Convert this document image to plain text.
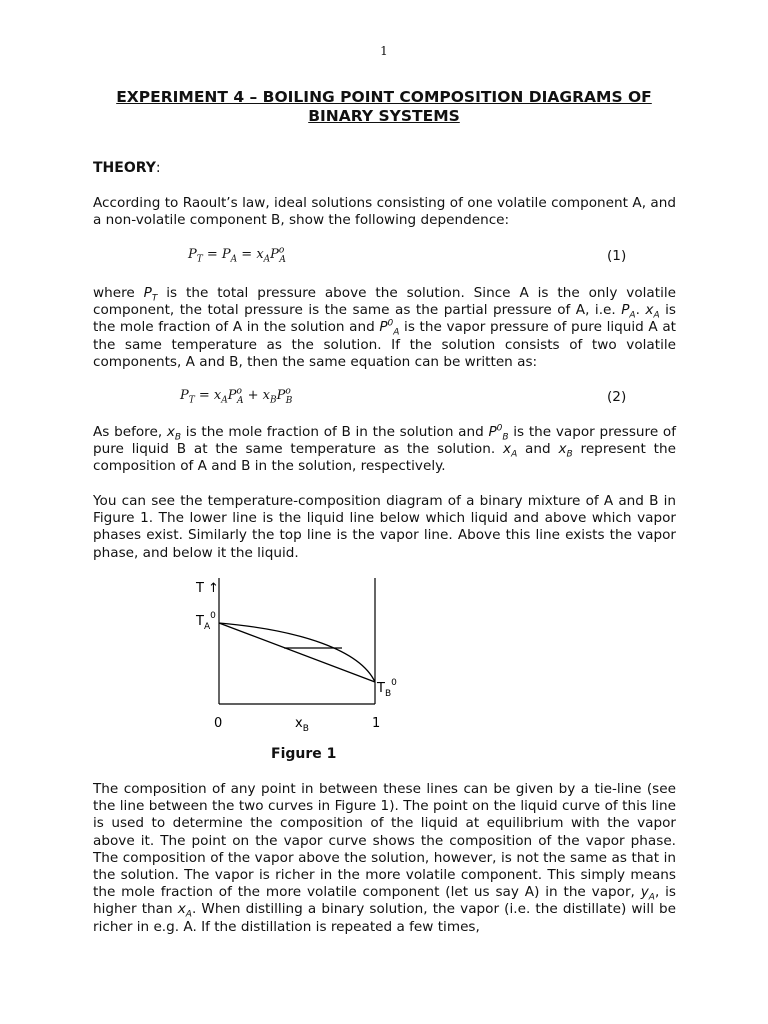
1
EXPERIMENT 4 – BOILING POINT COMPOSITION DIAGRAMS OF BINARY SYSTEMS
THEORY:
According to Raoult’s law, ideal solutions consisting of one volatile component A, and a non-volatile component B, show the following dependence:
$P_T = P_A = x_AP^o_A$	(1)
where $P_T$ is the total pressure above the solution. Since A is the only volatile component, the total pressure is the same as the partial pressure of A, i.e. $P_A$. $x_A$ is the mole fraction of A in the solution and $P^0_A$ is the vapor pressure of pure liquid A at the same temperature as the solution. If the solution consists of two volatile components, A and B, then the same equation can be written as:
$P_T = x_AP^o_A + x_BP^o_B$	(2)
As before, $x_B$ is the mole fraction of B in the solution and $P^0_B$ is the vapor pressure of pure liquid B at the same temperature as the solution. $x_A$ and $x_B$ represent the composition of A and B in the solution, respectively.
You can see the temperature-composition diagram of a binary mixture of A and B in Figure 1. The lower line is the liquid line below which liquid and above which vapor phases exist. Similarly the top line is the vapor line. Above this line exists the vapor phase, and below it the liquid.
T ↑
$T_A^0$
$T_B^0$
0	1
$x_B$
Figure 1
The composition of any point in between these lines can be given by a tie-line (see the line between the two curves in Figure 1). The point on the liquid curve of this line is used to determine the composition of the liquid at equilibrium with the vapor above it. The point on the vapor curve shows the composition of the vapor phase. The composition of the vapor above the solution, however, is not the same as that in the solution. The vapor is richer in the more volatile component. This simply means the mole fraction of the more volatile component (let us say A) in the vapor, $y_A$, is higher than $x_A$. When distilling a binary solution, the vapor (i.e. the distillate) will be richer in e.g. A. If the distillation is repeated a few times,
